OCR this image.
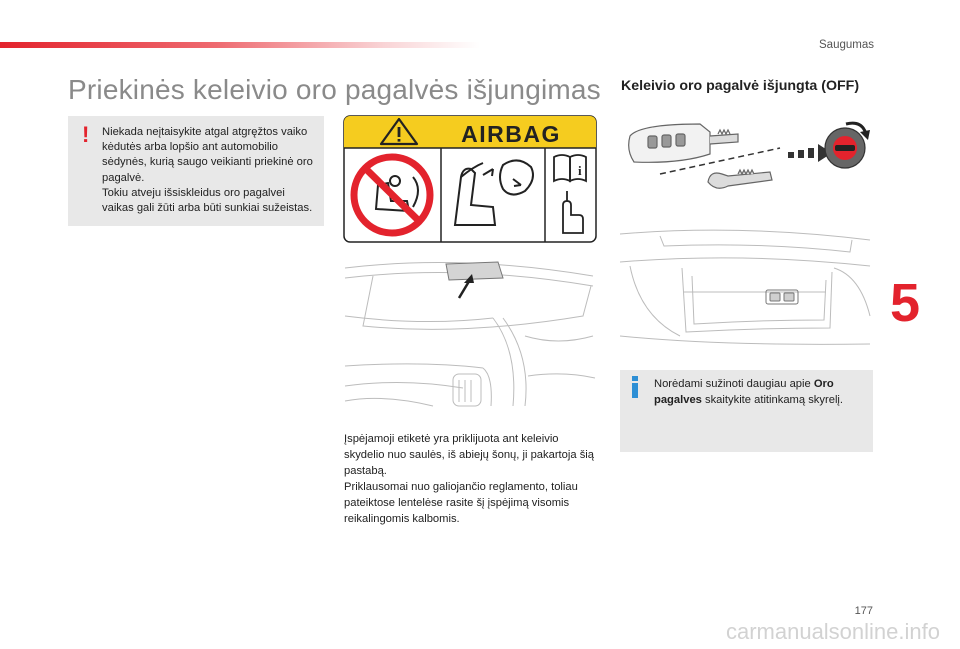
Saugumas
Priekinės keleivio oro pagalvės išjungimas
! Niekada neįtaisykite atgal atgręžtos vaiko kėdutės arba lopšio ant automobilio sėdynės, kurią saugo veikianti priekinė oro pagalvė.

Tokiu atveju išsiskleidus oro pagalvei vaikas gali žūti arba būti sunkiai sužeistas.

AIRBAG
i

Įspėjamoji etiketė yra priklijuota ant keleivio skydelio nuo saulės, iš abiejų šonų, ji pakartoja šią pastabą.

Priklausomai nuo galiojančio reglamento, toliau pateiktose lentelėse rasite šį įspėjimą visomis reikalingomis kalbomis.

Keleivio oro pagalvė išjungta (OFF)
Norėdami sužinoti daugiau apie Oro pagalves skaitykite atitinkamą skyrelį.
5
177
carmanualsonline.info
